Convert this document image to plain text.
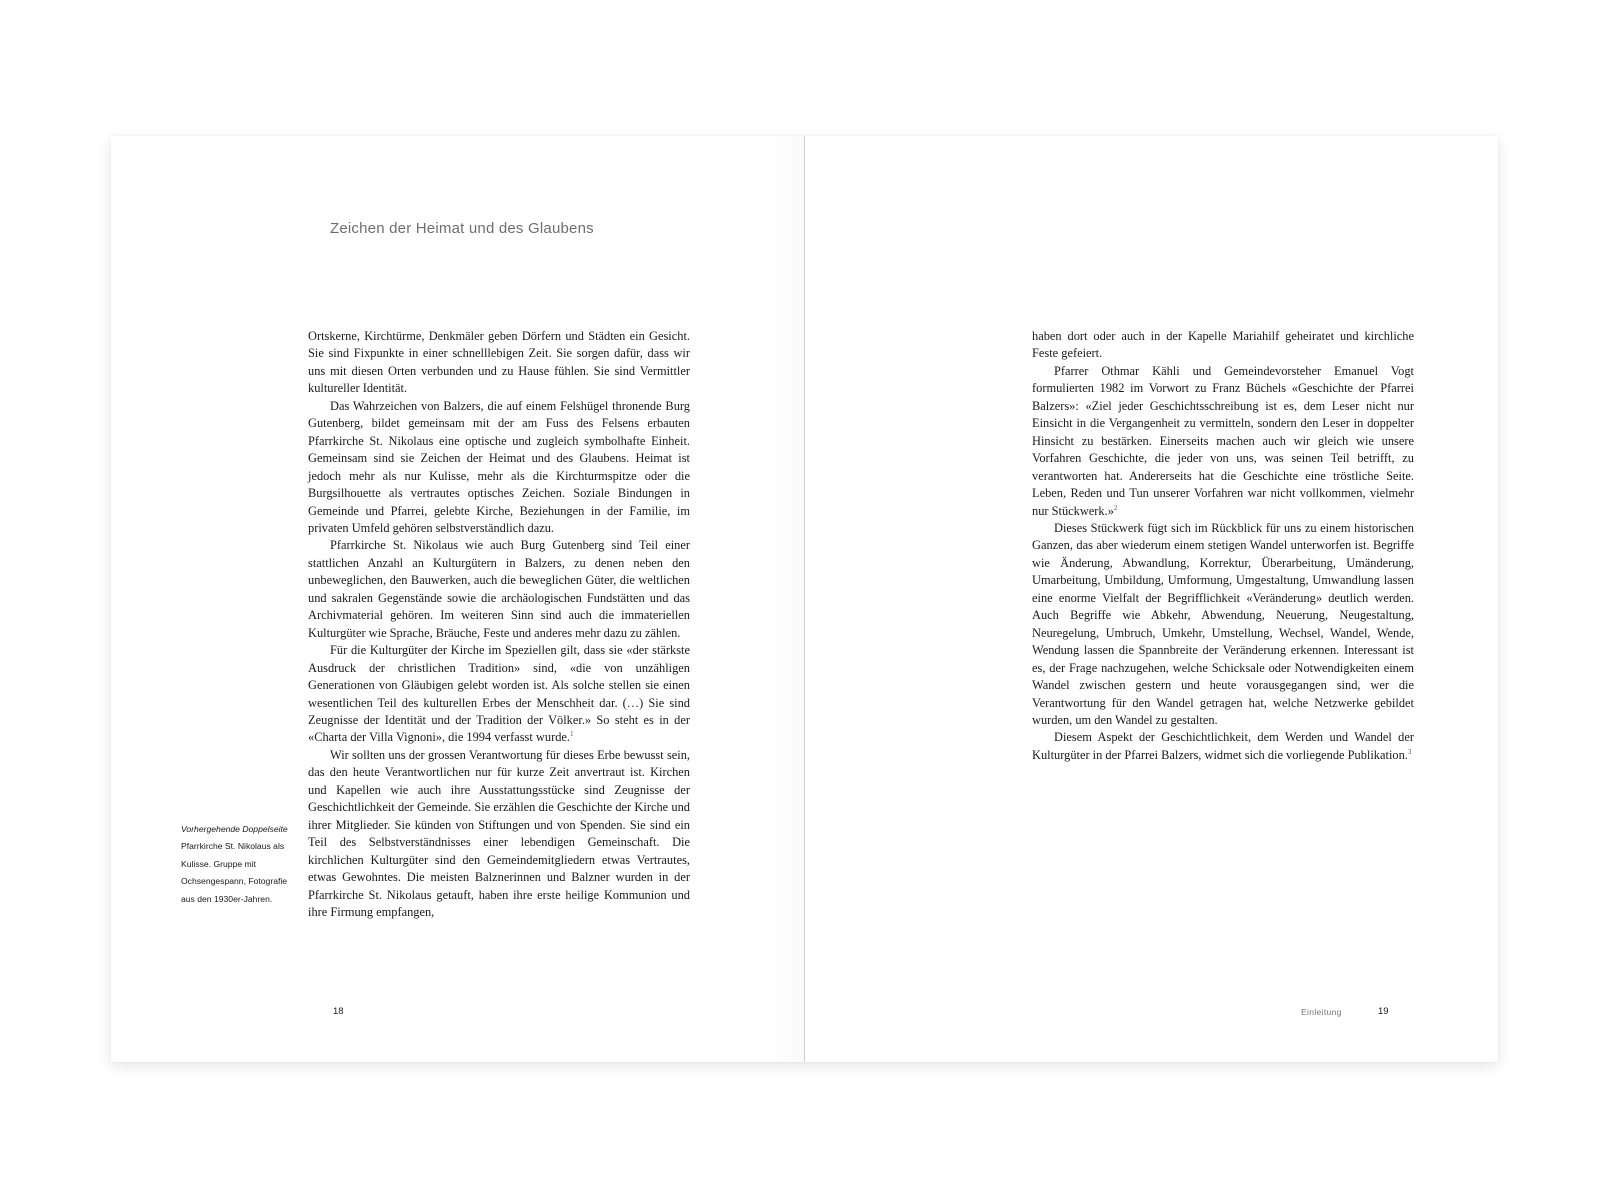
Zeichen der Heimat und des Glaubens

Ortskerne, Kirchtürme, Denkmäler geben Dörfern und Städten ein Gesicht. Sie sind Fixpunkte in einer schnelllebigen Zeit. Sie sorgen dafür, dass wir uns mit diesen Orten verbunden und zu Hause fühlen. Sie sind Vermittler kultureller Identität.

Das Wahrzeichen von Balzers, die auf einem Felshügel thronende Burg Gutenberg, bildet gemeinsam mit der am Fuss des Felsens erbauten Pfarrkirche St. Nikolaus eine optische und zugleich symbolhafte Einheit. Gemeinsam sind sie Zeichen der Heimat und des Glaubens. Heimat ist jedoch mehr als nur Kulisse, mehr als die Kirchturmspitze oder die Burgsilhouette als vertrautes optisches Zeichen. Soziale Bindungen in Gemeinde und Pfarrei, gelebte Kirche, Beziehungen in der Familie, im privaten Umfeld gehören selbstverständlich dazu.

Pfarrkirche St. Nikolaus wie auch Burg Gutenberg sind Teil einer stattlichen Anzahl an Kulturgütern in Balzers, zu denen neben den unbeweglichen, den Bauwerken, auch die beweglichen Güter, die weltlichen und sakralen Gegenstände sowie die archäologischen Fundstätten und das Archivmaterial gehören. Im weiteren Sinn sind auch die immateriellen Kulturgüter wie Sprache, Bräuche, Feste und anderes mehr dazu zu zählen.

Für die Kulturgüter der Kirche im Speziellen gilt, dass sie «der stärkste Ausdruck der christlichen Tradition» sind, «die von unzähligen Generationen von Gläubigen gelebt worden ist. Als solche stellen sie einen wesentlichen Teil des kulturellen Erbes der Menschheit dar. (…) Sie sind Zeugnisse der Identität und der Tradition der Völker.» So steht es in der «Charta der Villa Vignoni», die 1994 verfasst wurde.$^1$

Wir sollten uns der grossen Verantwortung für dieses Erbe bewusst sein, das den heute Verantwortlichen nur für kurze Zeit anvertraut ist. Kirchen und Kapellen wie auch ihre Ausstattungsstücke sind Zeugnisse der Geschichtlichkeit der Gemeinde. Sie erzählen die Geschichte der Kirche und ihrer Mitglieder. Sie künden von Stiftungen und von Spenden. Sie sind ein Teil des Selbstverständnisses einer lebendigen Gemeinschaft. Die kirchlichen Kulturgüter sind den Gemeindemitgliedern etwas Vertrautes, etwas Gewohntes. Die meisten Balznerinnen und Balzner wurden in der Pfarrkirche St. Nikolaus getauft, haben ihre erste heilige Kommunion und ihre Firmung empfangen,

Vorhergehende Doppelseite
Pfarrkirche St. Nikolaus als Kulisse. Gruppe mit Ochsengespann, Fotografie aus den 1930er-Jahren.
18

haben dort oder auch in der Kapelle Mariahilf geheiratet und kirchliche Feste gefeiert.

Pfarrer Othmar Kähli und Gemeindevorsteher Emanuel Vogt formulierten 1982 im Vorwort zu Franz Büchels «Geschichte der Pfarrei Balzers»: «Ziel jeder Geschichtsschreibung ist es, dem Leser nicht nur Einsicht in die Vergangenheit zu vermitteln, sondern den Leser in doppelter Hinsicht zu bestärken. Einerseits machen auch wir gleich wie unsere Vorfahren Geschichte, die jeder von uns, was seinen Teil betrifft, zu verantworten hat. Andererseits hat die Geschichte eine tröstliche Seite. Leben, Reden und Tun unserer Vorfahren war nicht vollkommen, vielmehr nur Stückwerk.»$^2$

Dieses Stückwerk fügt sich im Rückblick für uns zu einem historischen Ganzen, das aber wiederum einem stetigen Wandel unterworfen ist. Begriffe wie Änderung, Abwandlung, Korrektur, Überarbeitung, Umänderung, Umarbeitung, Umbildung, Umformung, Umgestaltung, Umwandlung lassen eine enorme Vielfalt der Begrifflichkeit «Veränderung» deutlich werden. Auch Begriffe wie Abkehr, Abwendung, Neuerung, Neugestaltung, Neuregelung, Umbruch, Umkehr, Umstellung, Wechsel, Wandel, Wende, Wendung lassen die Spannbreite der Veränderung erkennen. Interessant ist es, der Frage nachzugehen, welche Schicksale oder Notwendigkeiten einem Wandel zwischen gestern und heute vorausgegangen sind, wer die Verantwortung für den Wandel getragen hat, welche Netzwerke gebildet wurden, um den Wandel zu gestalten.

Diesem Aspekt der Geschichtlichkeit, dem Werden und Wandel der Kulturgüter in der Pfarrei Balzers, widmet sich die vorliegende Publikation.$^3$

Einleitung	19
